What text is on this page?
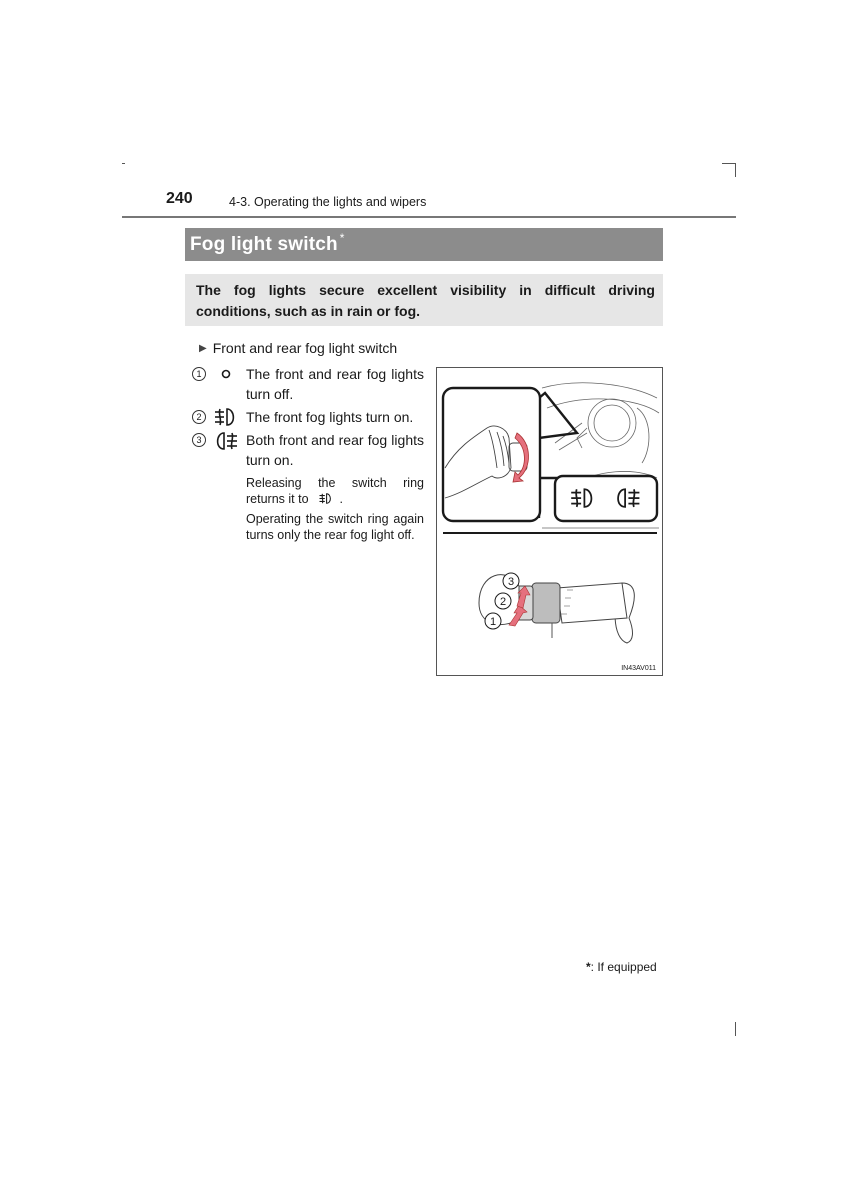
240	4-3. Operating the lights and wipers
Fog light switch *
The fog lights secure excellent visibility in difficult driving conditions, such as in rain or fog.
▶ Front and rear fog light switch
1	The front and rear fog lights turn off.
2	The front fog lights turn on.
3	Both front and rear fog lights turn on.
Releasing the switch ring returns it to .
Operating the switch ring again turns only the rear fog light off.
1
2
3
IN43AV011
*: If equipped
